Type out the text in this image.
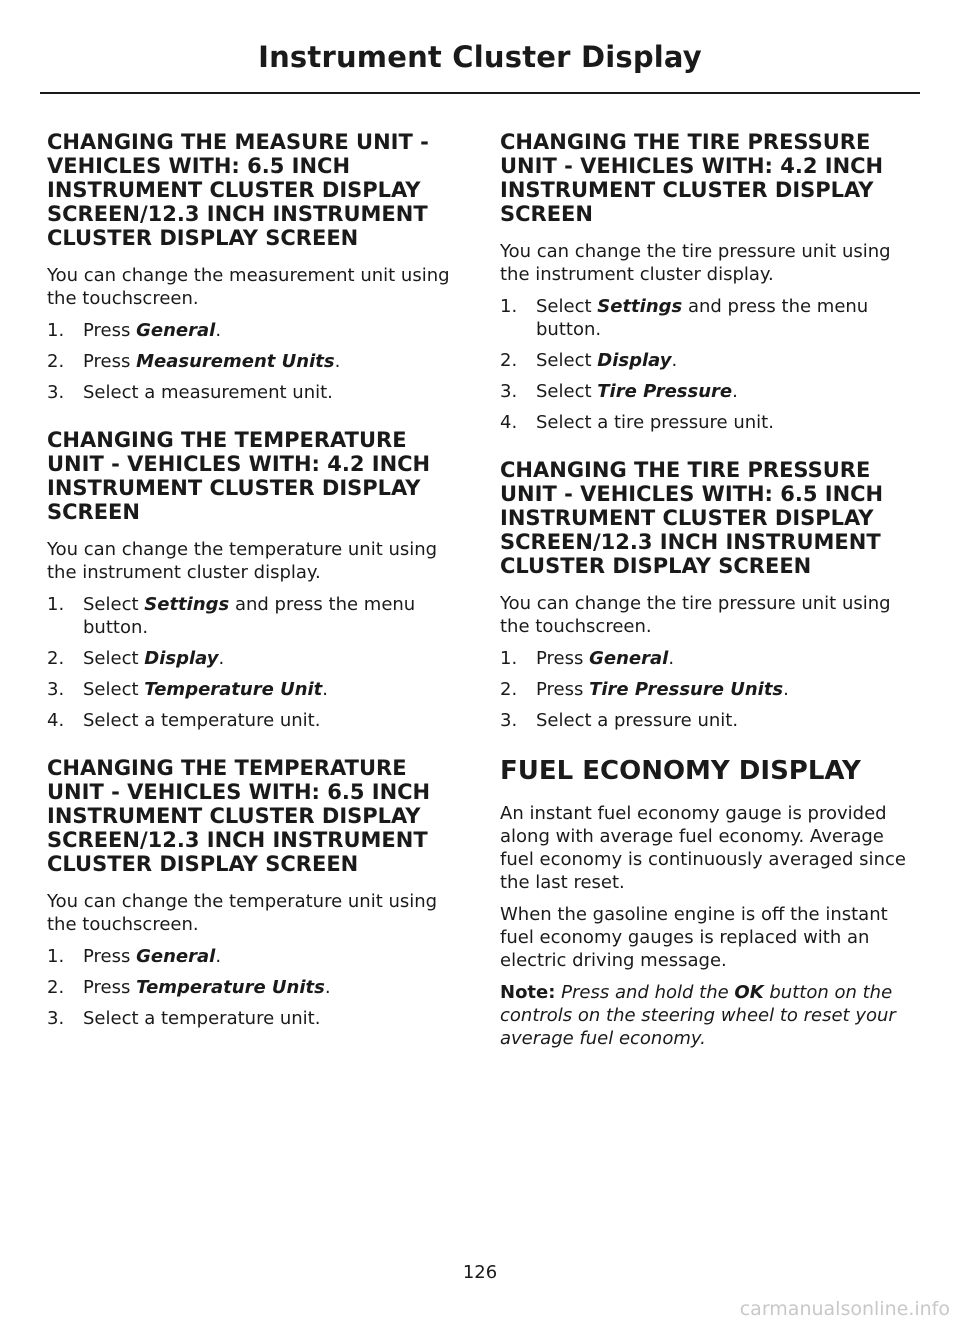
Instrument Cluster Display
CHANGING THE MEASURE UNIT - VEHICLES WITH: 6.5 INCH INSTRUMENT CLUSTER DISPLAY SCREEN/12.3 INCH INSTRUMENT CLUSTER DISPLAY SCREEN

You can change the measurement unit using the touchscreen.

1. Press General.
2. Press Measurement Units.
3. Select a measurement unit.
CHANGING THE TEMPERATURE UNIT - VEHICLES WITH: 4.2 INCH INSTRUMENT CLUSTER DISPLAY SCREEN

You can change the temperature unit using the instrument cluster display.

1. Select Settings and press the menu button.
2. Select Display.
3. Select Temperature Unit.
4. Select a temperature unit.
CHANGING THE TEMPERATURE UNIT - VEHICLES WITH: 6.5 INCH INSTRUMENT CLUSTER DISPLAY SCREEN/12.3 INCH INSTRUMENT CLUSTER DISPLAY SCREEN

You can change the temperature unit using the touchscreen.

1. Press General.
2. Press Temperature Units.
3. Select a temperature unit.
CHANGING THE TIRE PRESSURE UNIT - VEHICLES WITH: 4.2 INCH INSTRUMENT CLUSTER DISPLAY SCREEN

You can change the tire pressure unit using the instrument cluster display.

1. Select Settings and press the menu button.
2. Select Display.
3. Select Tire Pressure.
4. Select a tire pressure unit.
CHANGING THE TIRE PRESSURE UNIT - VEHICLES WITH: 6.5 INCH INSTRUMENT CLUSTER DISPLAY SCREEN/12.3 INCH INSTRUMENT CLUSTER DISPLAY SCREEN

You can change the tire pressure unit using the touchscreen.

1. Press General.
2. Press Tire Pressure Units.
3. Select a pressure unit.
FUEL ECONOMY DISPLAY

An instant fuel economy gauge is provided along with average fuel economy. Average fuel economy is continuously averaged since the last reset.

When the gasoline engine is off the instant fuel economy gauges is replaced with an electric driving message.

Note: Press and hold the OK button on the controls on the steering wheel to reset your average fuel economy.

126
carmanualsonline.info
